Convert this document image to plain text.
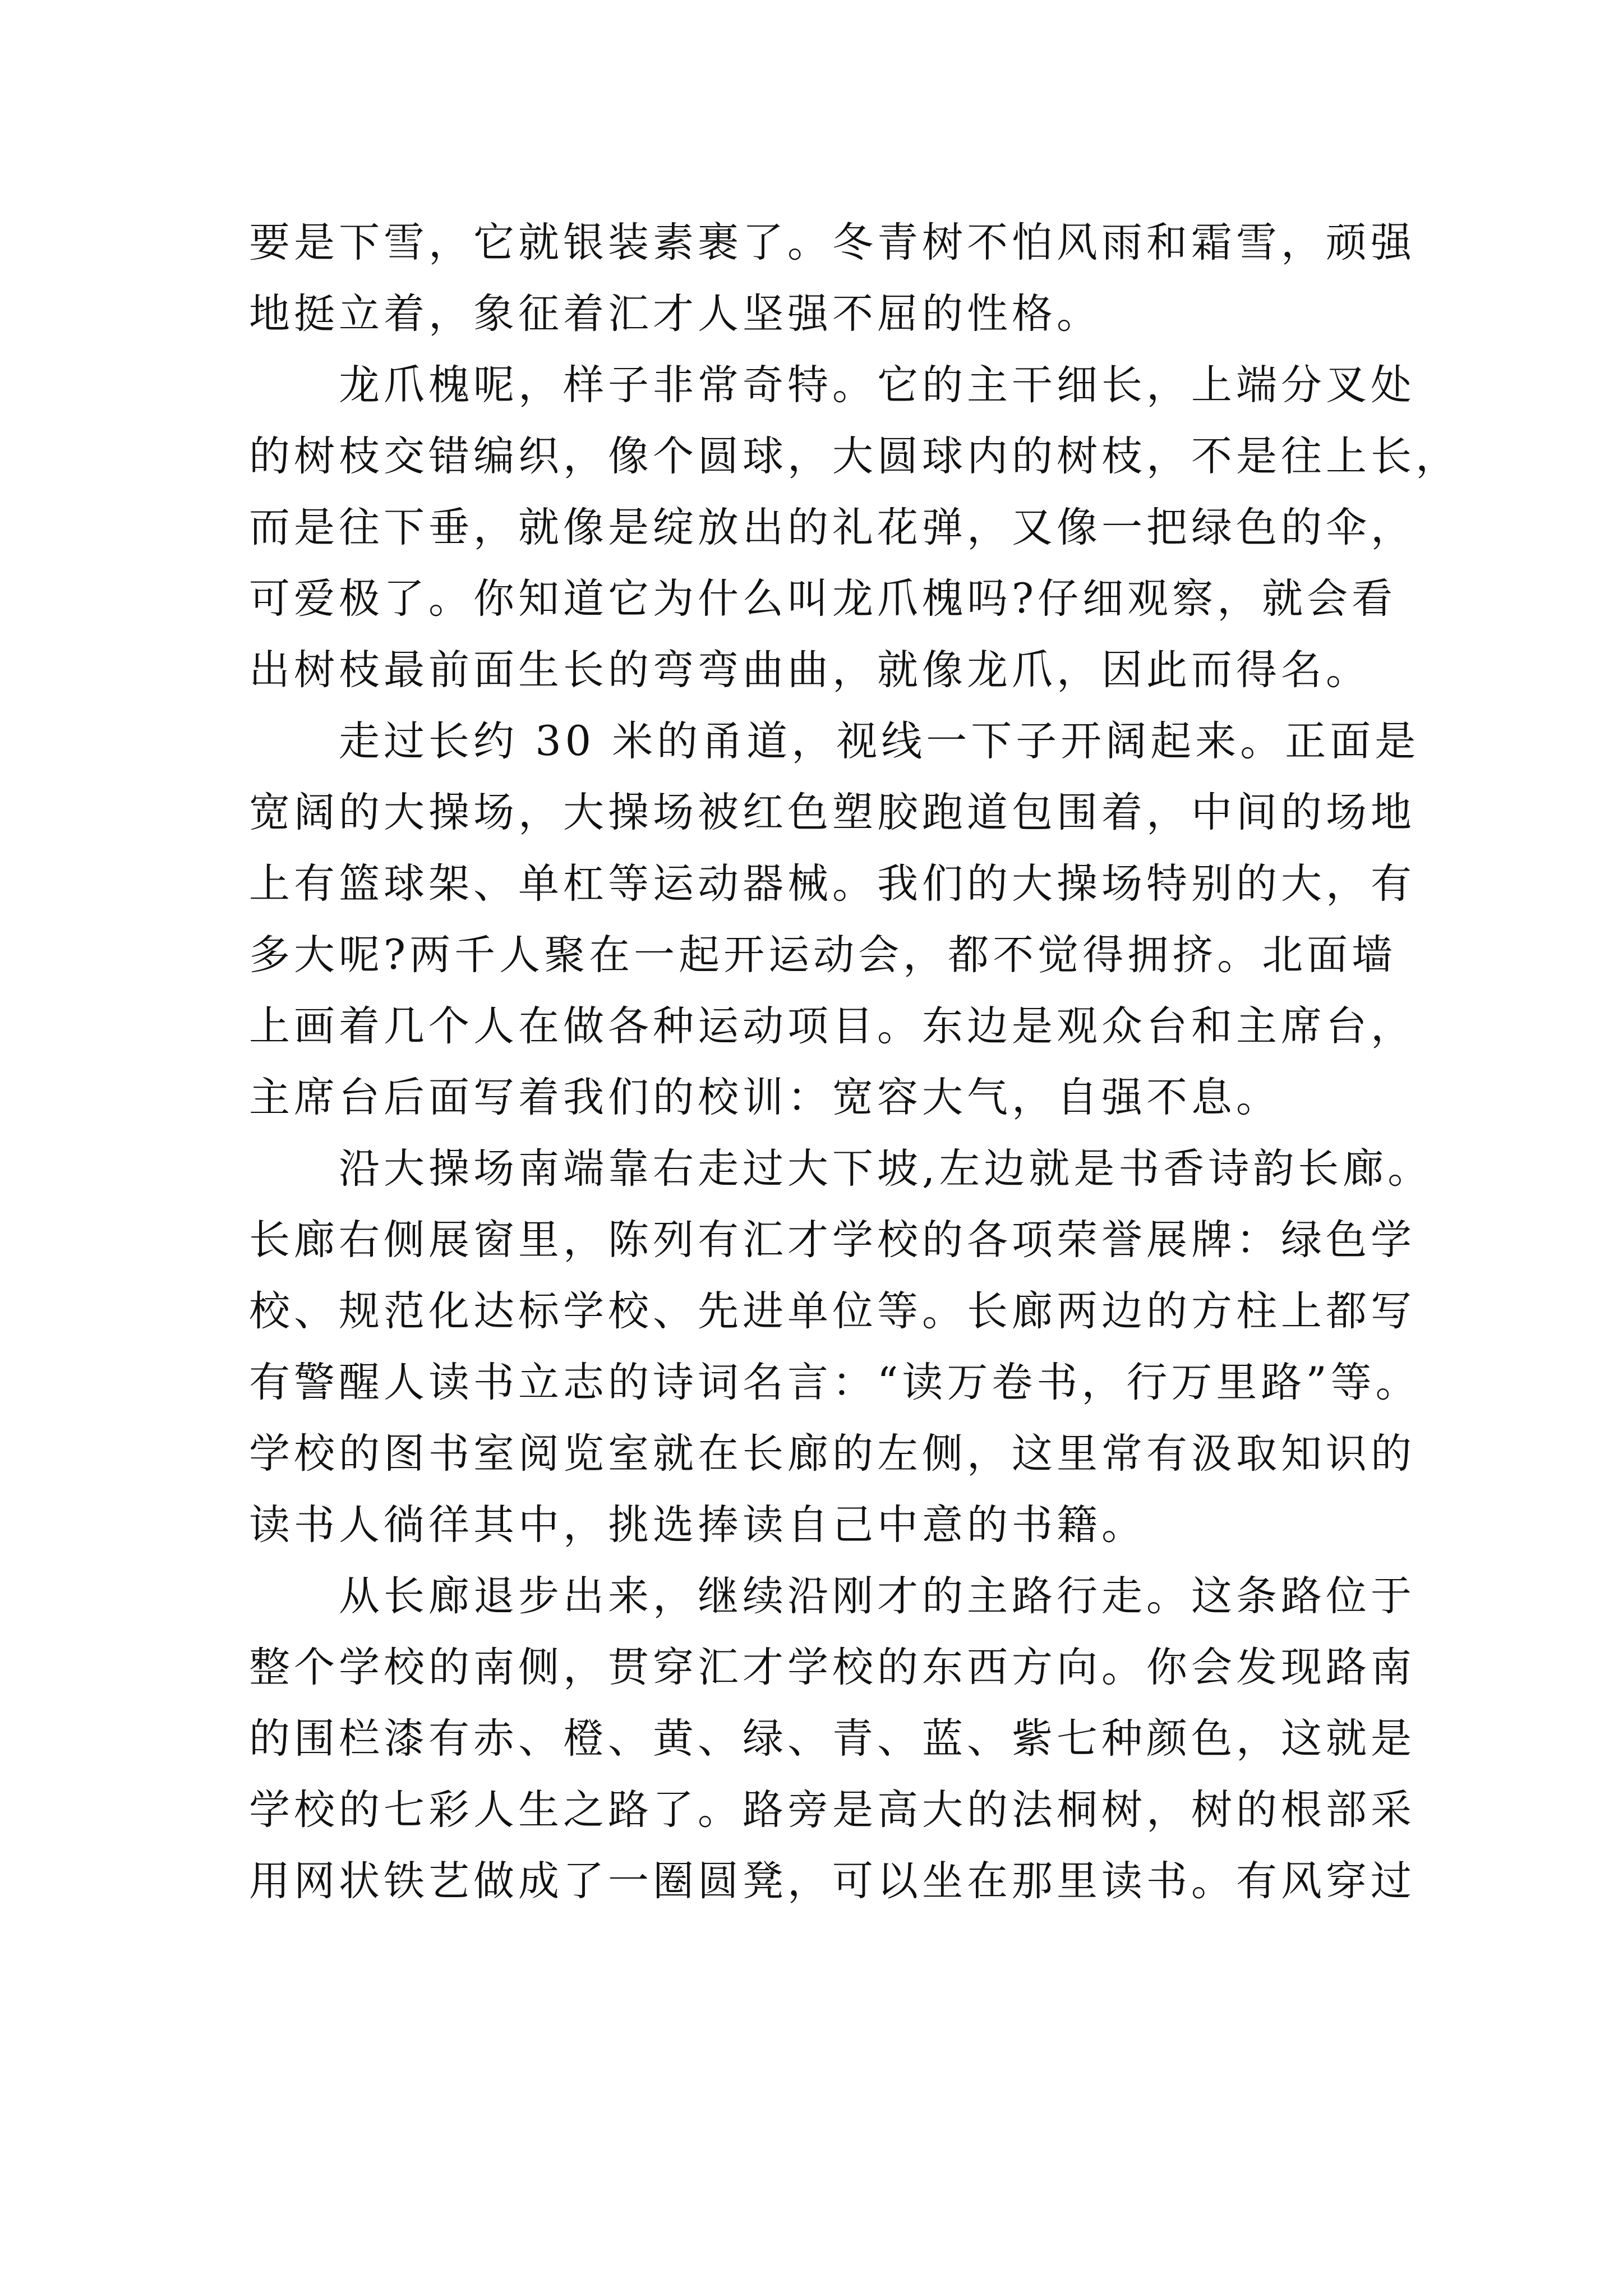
要是下雪，它就银装素裹了。冬青树不怕风雨和霜雪，顽强
地挺立着，象征着汇才人坚强不屈的性格。
　　龙爪槐呢，样子非常奇特。它的主干细长，上端分叉处
的树枝交错编织，像个圆球，大圆球内的树枝，不是往上长，
而是往下垂，就像是绽放出的礼花弹，又像一把绿色的伞，
可爱极了。你知道它为什么叫龙爪槐吗?仔细观察，就会看
出树枝最前面生长的弯弯曲曲，就像龙爪，因此而得名。
　　走过长约 30 米的甬道，视线一下子开阔起来。正面是
宽阔的大操场，大操场被红色塑胶跑道包围着，中间的场地
上有篮球架、单杠等运动器械。我们的大操场特别的大，有
多大呢?两千人聚在一起开运动会，都不觉得拥挤。北面墙
上画着几个人在做各种运动项目。东边是观众台和主席台，
主席台后面写着我们的校训：宽容大气，自强不息。
　　沿大操场南端靠右走过大下坡,左边就是书香诗韵长廊。
长廊右侧展窗里，陈列有汇才学校的各项荣誉展牌：绿色学
校、规范化达标学校、先进单位等。长廊两边的方柱上都写
有警醒人读书立志的诗词名言：“读万卷书，行万里路”等。
学校的图书室阅览室就在长廊的左侧，这里常有汲取知识的
读书人徜徉其中，挑选捧读自己中意的书籍。
　　从长廊退步出来，继续沿刚才的主路行走。这条路位于
整个学校的南侧，贯穿汇才学校的东西方向。你会发现路南
的围栏漆有赤、橙、黄、绿、青、蓝、紫七种颜色，这就是
学校的七彩人生之路了。路旁是高大的法桐树，树的根部采
用网状铁艺做成了一圈圆凳，可以坐在那里读书。有风穿过
